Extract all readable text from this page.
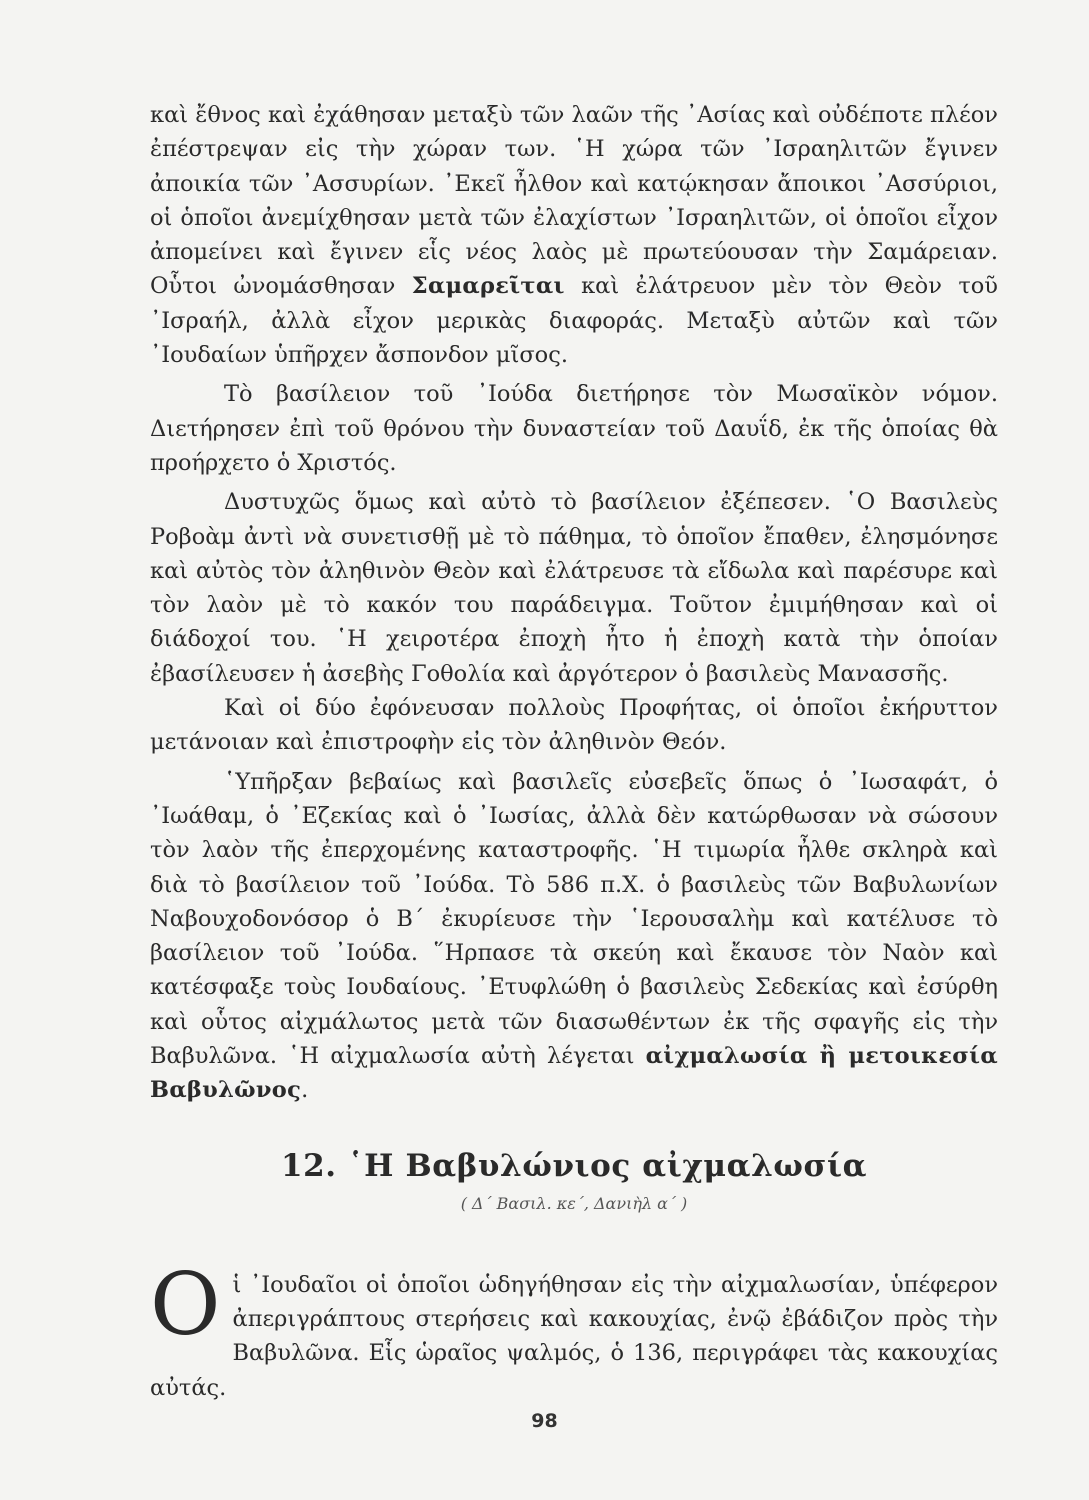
καὶ ἔθνος καὶ ἐχάθησαν μεταξὺ τῶν λαῶν τῆς ᾿Ασίας καὶ οὐδέποτε πλέον ἐπέστρεψαν εἰς τὴν χώραν των. ῾Η χώρα τῶν ᾿Ισραηλιτῶν ἔγινεν ἀποικία τῶν ᾿Ασσυρίων. ᾿Εκεῖ ἦλθον καὶ κατῴκησαν ἄποικοι ᾿Ασσύριοι, οἱ ὁποῖοι ἀνεμίχθησαν μετὰ τῶν ἐλαχίστων ᾿Ισραηλιτῶν, οἱ ὁποῖοι εἶχον ἀπομείνει καὶ ἔγινεν εἷς νέος λαὸς μὲ πρωτεύουσαν τὴν Σαμάρειαν. Οὗτοι ὠνομάσθησαν Σαμαρεῖται καὶ ἐλάτρευον μὲν τὸν Θεὸν τοῦ ᾿Ισραήλ, ἀλλὰ εἶχον μερικὰς διαφοράς. Μεταξὺ αὐτῶν καὶ τῶν ᾿Ιουδαίων ὑπῆρχεν ἄσπονδον μῖσος.

Τὸ βασίλειον τοῦ ᾿Ιούδα διετήρησε τὸν Μωσαϊκὸν νόμον. Διετήρησεν ἐπὶ τοῦ θρόνου τὴν δυναστείαν τοῦ Δαυΐδ, ἐκ τῆς ὁποίας θὰ προήρχετο ὁ Χριστός.

Δυστυχῶς ὅμως καὶ αὐτὸ τὸ βασίλειον ἐξέπεσεν. ῾Ο Βασιλεὺς Ροβοὰμ ἀντὶ νὰ συνετισθῇ μὲ τὸ πάθημα, τὸ ὁποῖον ἔπαθεν, ἐλησμόνησε καὶ αὐτὸς τὸν ἀληθινὸν Θεὸν καὶ ἐλάτρευσε τὰ εἴδωλα καὶ παρέσυρε καὶ τὸν λαὸν μὲ τὸ κακόν του παράδειγμα. Τοῦτον ἐμιμήθησαν καὶ οἱ διάδοχοί του. ῾Η χειροτέρα ἐποχὴ ἦτο ἡ ἐποχὴ κατὰ τὴν ὁποίαν ἐβασίλευσεν ἡ ἀσεβὴς Γοθολία καὶ ἀργότερον ὁ βασιλεὺς Μανασσῆς.

Καὶ οἱ δύο ἐφόνευσαν πολλοὺς Προφήτας, οἱ ὁποῖοι ἐκήρυττον μετάνοιαν καὶ ἐπιστροφὴν εἰς τὸν ἀληθινὸν Θεόν.

῾Υπῆρξαν βεβαίως καὶ βασιλεῖς εὐσεβεῖς ὅπως ὁ ᾿Ιωσαφάτ, ὁ ᾿Ιωάθαμ, ὁ ᾿Εζεκίας καὶ ὁ ᾿Ιωσίας, ἀλλὰ δὲν κατώρθωσαν νὰ σώσουν τὸν λαὸν τῆς ἐπερχομένης καταστροφῆς. ῾Η τιμωρία ἦλθε σκληρὰ καὶ διὰ τὸ βασίλειον τοῦ ᾿Ιούδα. Τὸ 586 π.Χ. ὁ βασιλεὺς τῶν Βαβυλωνίων Ναβουχοδονόσορ ὁ Β΄ ἐκυρίευσε τὴν ῾Ιερουσαλὴμ καὶ κατέλυσε τὸ βασίλειον τοῦ ᾿Ιούδα. ῞Ηρπασε τὰ σκεύη καὶ ἔκαυσε τὸν Ναὸν καὶ κατέσφαξε τοὺς Ιουδαίους. ᾿Ετυφλώθη ὁ βασιλεὺς Σεδεκίας καὶ ἐσύρθη καὶ οὗτος αἰχμάλωτος μετὰ τῶν διασωθέντων ἐκ τῆς σφαγῆς εἰς τὴν Βαβυλῶνα. ῾Η αἰχμαλωσία αὐτὴ λέγεται αἰχμαλωσία ἢ μετοικεσία Βαβυλῶνος.

12. ῾Η Βαβυλώνιος αἰχμαλωσία
( Δ΄ Βασιλ. κε΄, Δανιὴλ α΄ )

Oἱ ᾿Ιουδαῖοι οἱ ὁποῖοι ὡδηγήθησαν εἰς τὴν αἰχμαλωσίαν, ὑπέφερον ἀπεριγράπτους στερήσεις καὶ κακουχίας, ἐνῷ ἐβάδιζον πρὸς τὴν Βαβυλῶνα. Εἷς ὡραῖος ψαλμός, ὁ 136, περιγράφει τὰς κακουχίας αὐτάς.

98
